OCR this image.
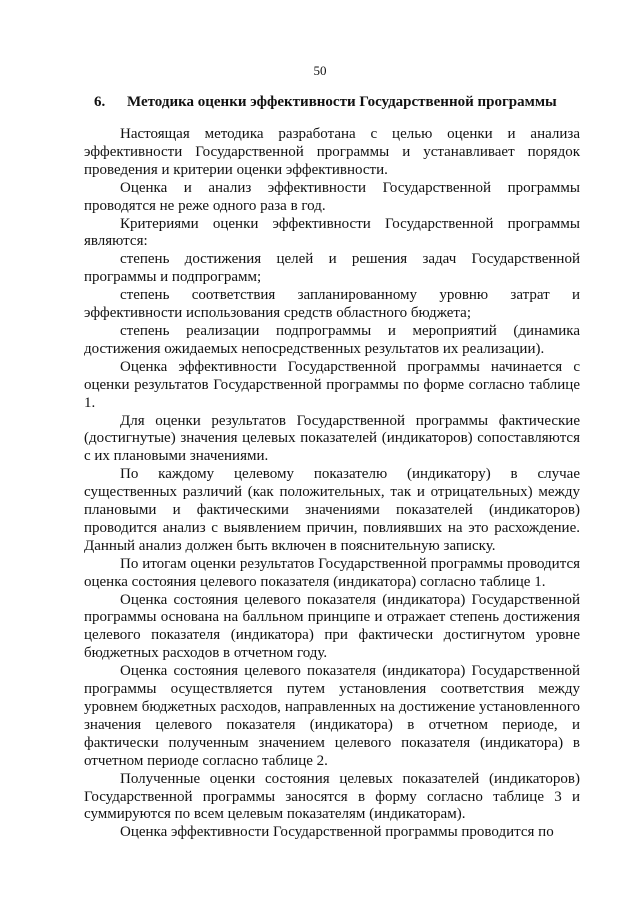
50
6. Методика оценки эффективности Государственной программы

Настоящая методика разработана с целью оценки и анализа эффективности Государственной программы и устанавливает порядок проведения и критерии оценки эффективности.

Оценка и анализ эффективности Государственной программы проводятся не реже одного раза в год.

Критериями оценки эффективности Государственной программы являются:

степень достижения целей и решения задач Государственной программы и подпрограмм;

степень соответствия запланированному уровню затрат и эффективности использования средств областного бюджета;

степень реализации подпрограммы и мероприятий (динамика достижения ожидаемых непосредственных результатов их реализации).

Оценка эффективности Государственной программы начинается с оценки результатов Государственной программы по форме согласно таблице 1.

Для оценки результатов Государственной программы фактические (достигнутые) значения целевых показателей (индикаторов) сопоставляются с их плановыми значениями.

По каждому целевому показателю (индикатору) в случае существенных различий (как положительных, так и отрицательных) между плановыми и фактическими значениями показателей (индикаторов) проводится анализ с выявлением причин, повлиявших на это расхождение. Данный анализ должен быть включен в пояснительную записку.

По итогам оценки результатов Государственной программы проводится оценка состояния целевого показателя (индикатора) согласно таблице 1.

Оценка состояния целевого показателя (индикатора) Государственной программы основана на балльном принципе и отражает степень достижения целевого показателя (индикатора) при фактически достигнутом уровне бюджетных расходов в отчетном году.

Оценка состояния целевого показателя (индикатора) Государственной программы осуществляется путем установления соответствия между уровнем бюджетных расходов, направленных на достижение установленного значения целевого показателя (индикатора) в отчетном периоде, и фактически полученным значением целевого показателя (индикатора) в отчетном периоде согласно таблице 2.

Полученные оценки состояния целевых показателей (индикаторов) Государственной программы заносятся в форму согласно таблице 3 и суммируются по всем целевым показателям (индикаторам).

Оценка эффективности Государственной программы проводится по
